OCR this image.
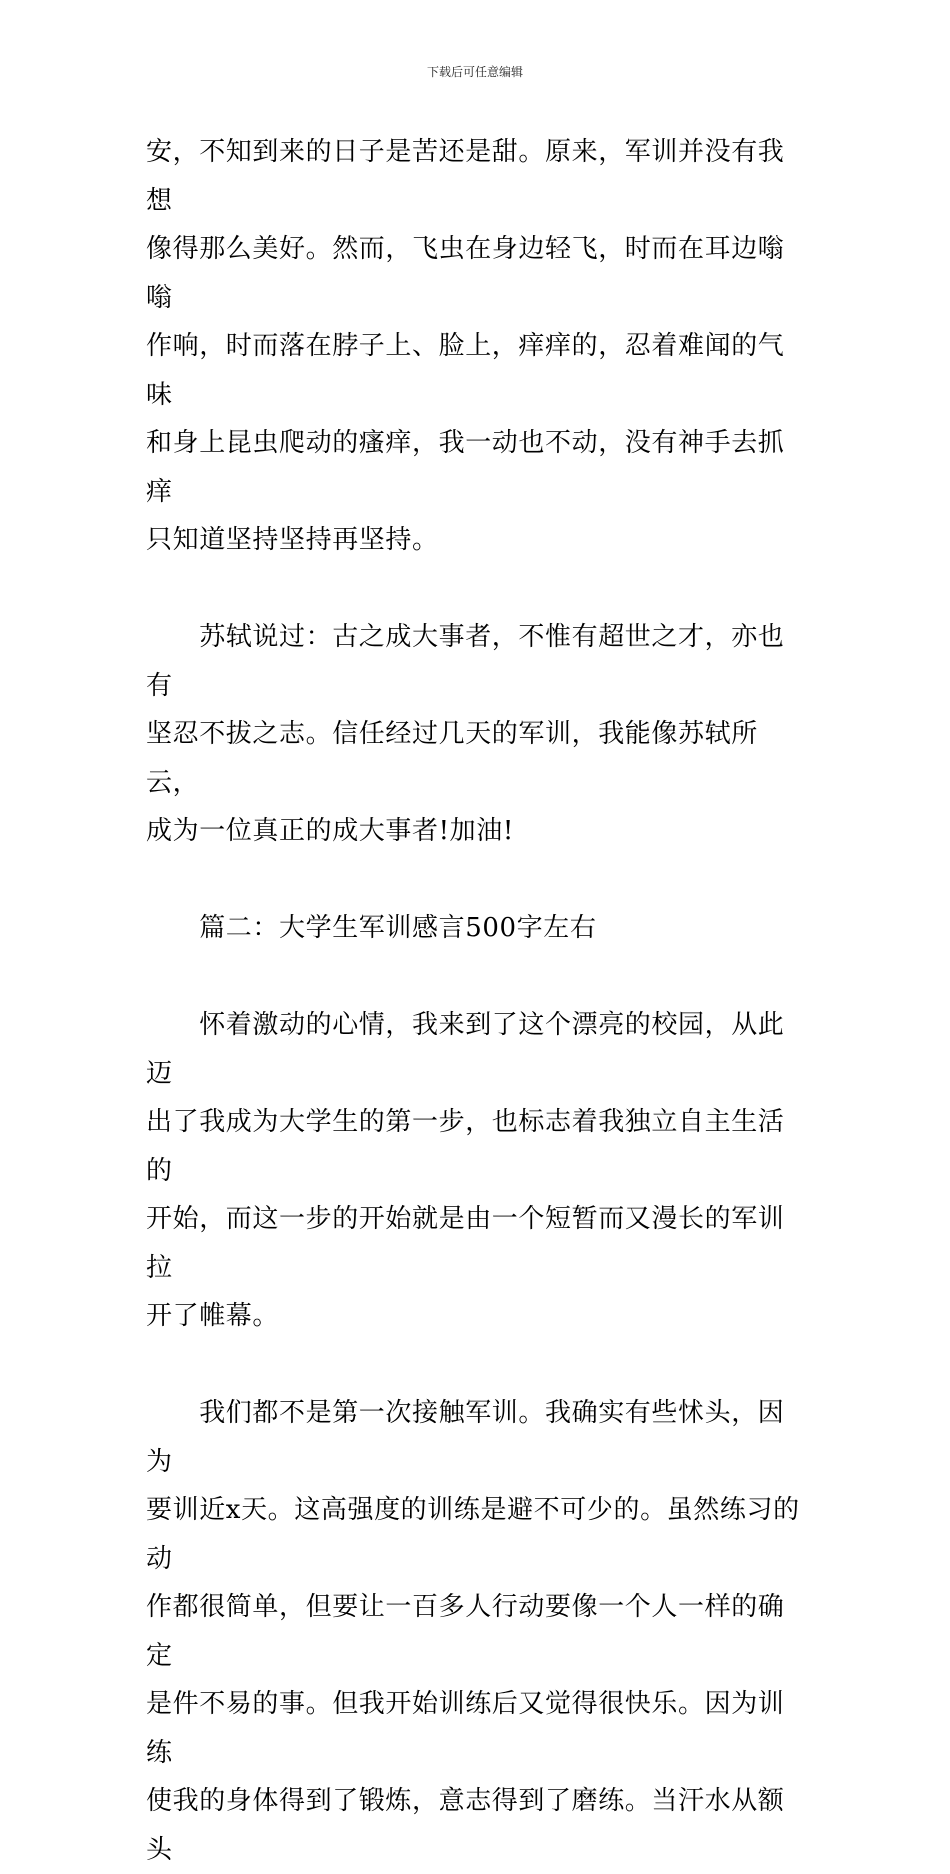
下载后可任意编辑

安，不知到来的日子是苦还是甜。原来，军训并没有我想
像得那么美好。然而，飞虫在身边轻飞，时而在耳边嗡嗡
作响，时而落在脖子上、脸上，痒痒的，忍着难闻的气味
和身上昆虫爬动的瘙痒，我一动也不动，没有神手去抓痒
只知道坚持坚持再坚持。

　　苏轼说过：古之成大事者，不惟有超世之才，亦也有
坚忍不拔之志。信任经过几天的军训，我能像苏轼所云，
成为一位真正的成大事者!加油!

　　篇二：大学生军训感言500字左右

　　怀着激动的心情，我来到了这个漂亮的校园，从此迈
出了我成为大学生的第一步，也标志着我独立自主生活的
开始，而这一步的开始就是由一个短暂而又漫长的军训拉
开了帷幕。

　　我们都不是第一次接触军训。我确实有些怵头，因为
要训近x天。这高强度的训练是避不可少的。虽然练习的动
作都很简单，但要让一百多人行动要像一个人一样的确定
是件不易的事。但我开始训练后又觉得很快乐。因为训练
使我的身体得到了锻炼，意志得到了磨练。当汗水从额头
